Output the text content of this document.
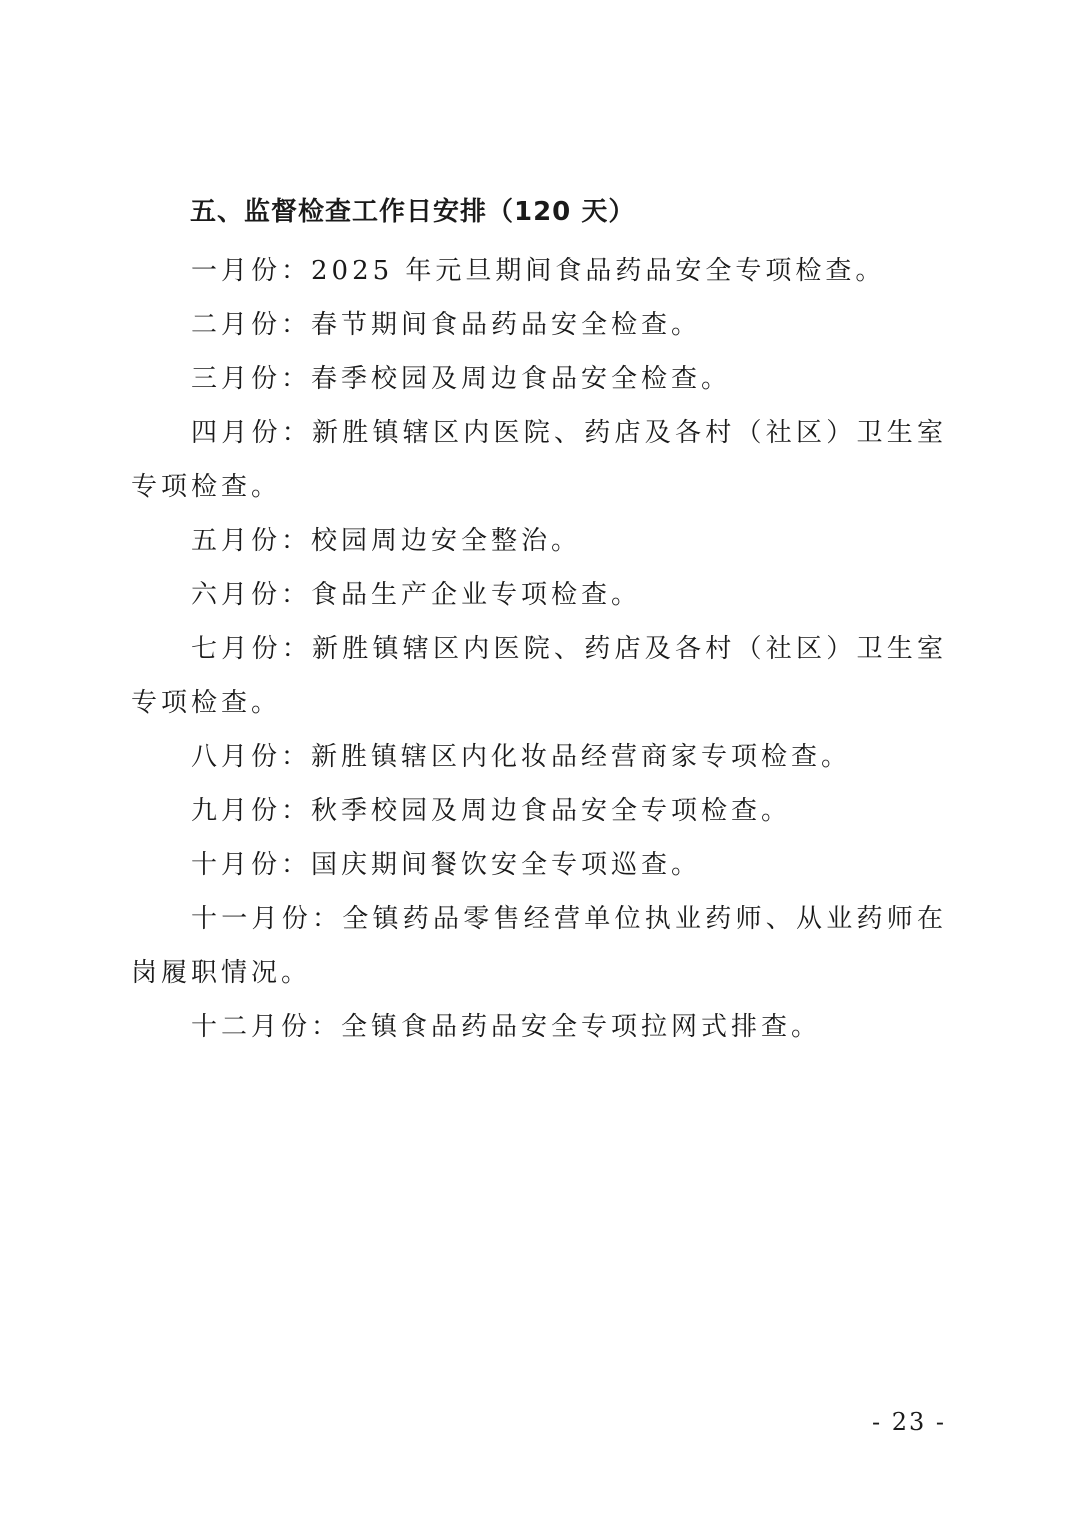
五、监督检查工作日安排（120 天）

一月份：2025 年元旦期间食品药品安全专项检查。

二月份：春节期间食品药品安全检查。

三月份：春季校园及周边食品安全检查。

四月份：新胜镇辖区内医院、药店及各村（社区）卫生室专项检查。

五月份：校园周边安全整治。

六月份：食品生产企业专项检查。

七月份：新胜镇辖区内医院、药店及各村（社区）卫生室专项检查。

八月份：新胜镇辖区内化妆品经营商家专项检查。

九月份：秋季校园及周边食品安全专项检查。

十月份：国庆期间餐饮安全专项巡查。

十一月份：全镇药品零售经营单位执业药师、从业药师在岗履职情况。

十二月份：全镇食品药品安全专项拉网式排查。

- 23 -
